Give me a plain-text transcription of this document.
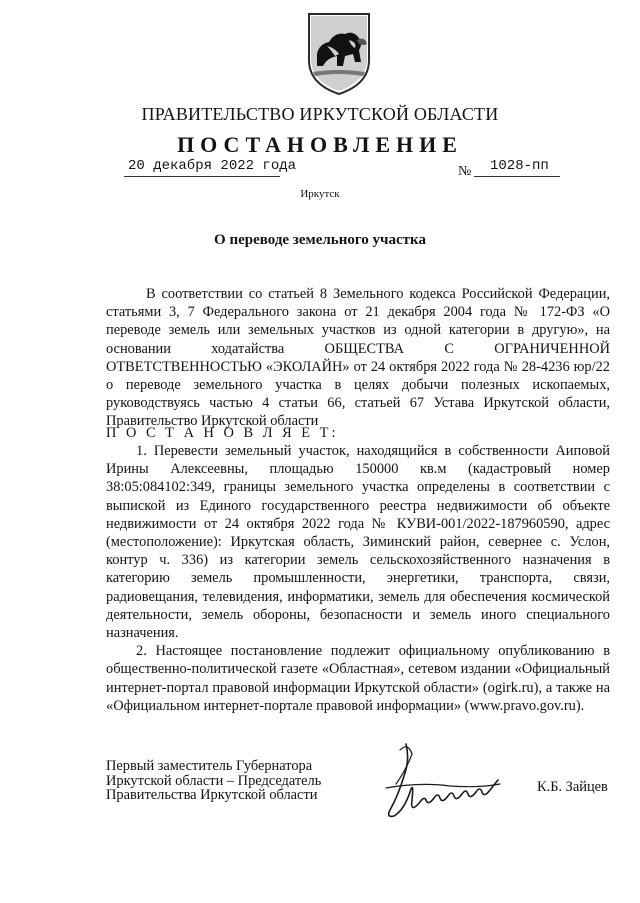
ПРАВИТЕЛЬСТВО ИРКУТСКОЙ ОБЛАСТИ
ПОСТАНОВЛЕНИЕ
20 декабря 2022 года	№ 1028-пп
Иркутск
О переводе земельного участка

В соответствии со статьей 8 Земельного кодекса Российской Федерации, статьями 3, 7 Федерального закона от 21 декабря 2004 года № 172-ФЗ «О переводе земель или земельных участков из одной категории в другую», на основании ходатайства ОБЩЕСТВА С ОГРАНИЧЕННОЙ ОТВЕТСТВЕННОСТЬЮ «ЭКОЛАЙН» от 24 октября 2022 года № 28-4236 юр/22 о переводе земельного участка в целях добычи полезных ископаемых, руководствуясь частью 4 статьи 66, статьей 67 Устава Иркутской области, Правительство Иркутской области

П О С Т А Н О В Л Я Е Т:

1. Перевести земельный участок, находящийся в собственности Аиповой Ирины Алексеевны, площадью 150000 кв.м (кадастровый номер 38:05:084102:349, границы земельного участка определены в соответствии с выпиской из Единого государственного реестра недвижимости об объекте недвижимости от 24 октября 2022 года № КУВИ-001/2022-187960590, адрес (местоположение): Иркутская область, Зиминский район, севернее с. Услон, контур ч. 336) из категории земель сельскохозяйственного назначения в категорию земель промышленности, энергетики, транспорта, связи, радиовещания, телевидения, информатики, земель для обеспечения космической деятельности, земель обороны, безопасности и земель иного специального назначения.

2. Настоящее постановление подлежит официальному опубликованию в общественно-политической газете «Областная», сетевом издании «Официальный интернет-портал правовой информации Иркутской области» (ogirk.ru), а также на «Официальном интернет-портале правовой информации» (www.pravo.gov.ru).

Первый заместитель Губернатора
Иркутской области – Председатель
Правительства Иркутской области	К.Б. Зайцев
